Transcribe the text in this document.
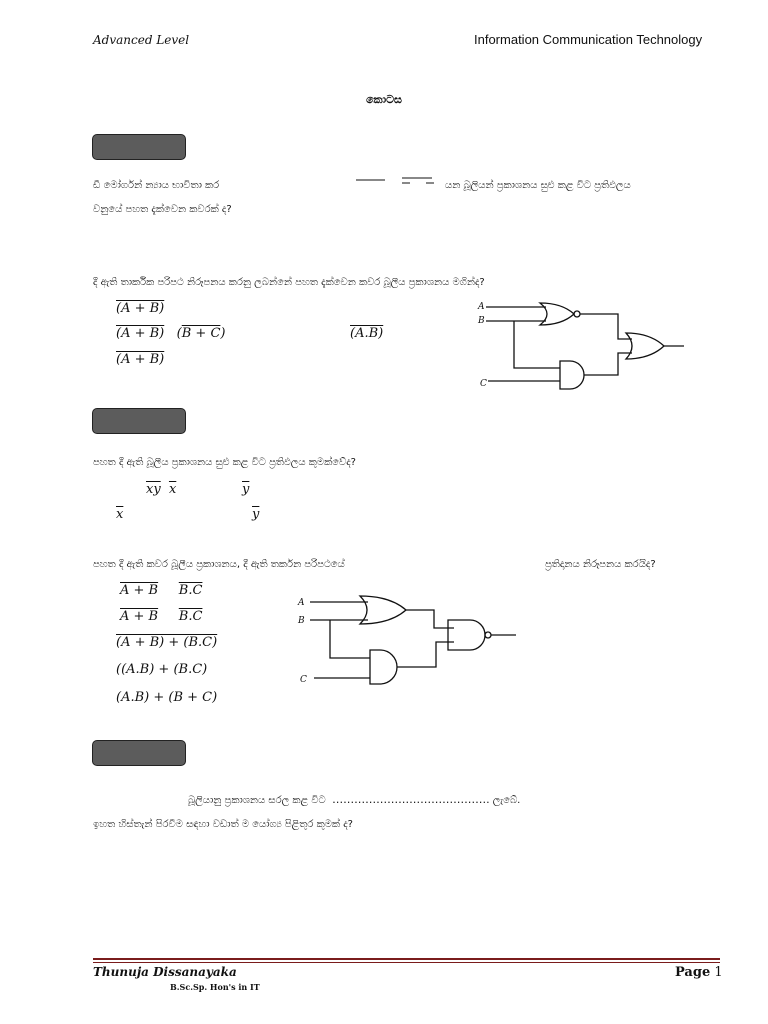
Advanced Level	Information Communication Technology
කොටස
ඩී මෝර්ගන් න්‍යාය භාවිතා කර	යන බූලියන් ප්‍රකාශනය සුළු කළ විට ප්‍රතිඵලය
වනුයේ පහත දැක්වෙන කවරක් ද?
දී ඇති තාර්කික පරිපථ නිරූපනය කරනු ලබන්නේ පහත දැක්වෙන කවර බූලීය ප්‍රකාශනය මගින්ද?
(A + B)
(A + B) (B + C)	(A.B)
(A + B)
A
B
C
පහත දී ඇති බූලීය ප්‍රකාශනය සුළු කළ විට ප්‍රතිඵලය කුමක්වේද?
$\overline{xy}$ $\overline{x}$	$\overline{y}$
$\overline{x}$	$\overline{y}$
පහත දී ඇති කවර බූලීය ප්‍රකාශනය, දී ඇති තර්කන පරිපථයේ	ප්‍රතිදානය නිරූපනය කරයිද?
A + B B.C
A + B B.C
(A + B) + (B.C)
((A.B) + (B.C)
(A.B) + (B + C)
A
B
C
බූලියානු ප්‍රකාශනය සරල කළ විට ……………………………………. ලැබේ.
ඉහත හිස්තැන් පිරවීම සඳහා වඩාත් ම යෝග්‍ය පිළිතුර කුමක් ද?
Thunuja Dissanayaka
B.Sc.Sp. Hon's in IT
Page 1
